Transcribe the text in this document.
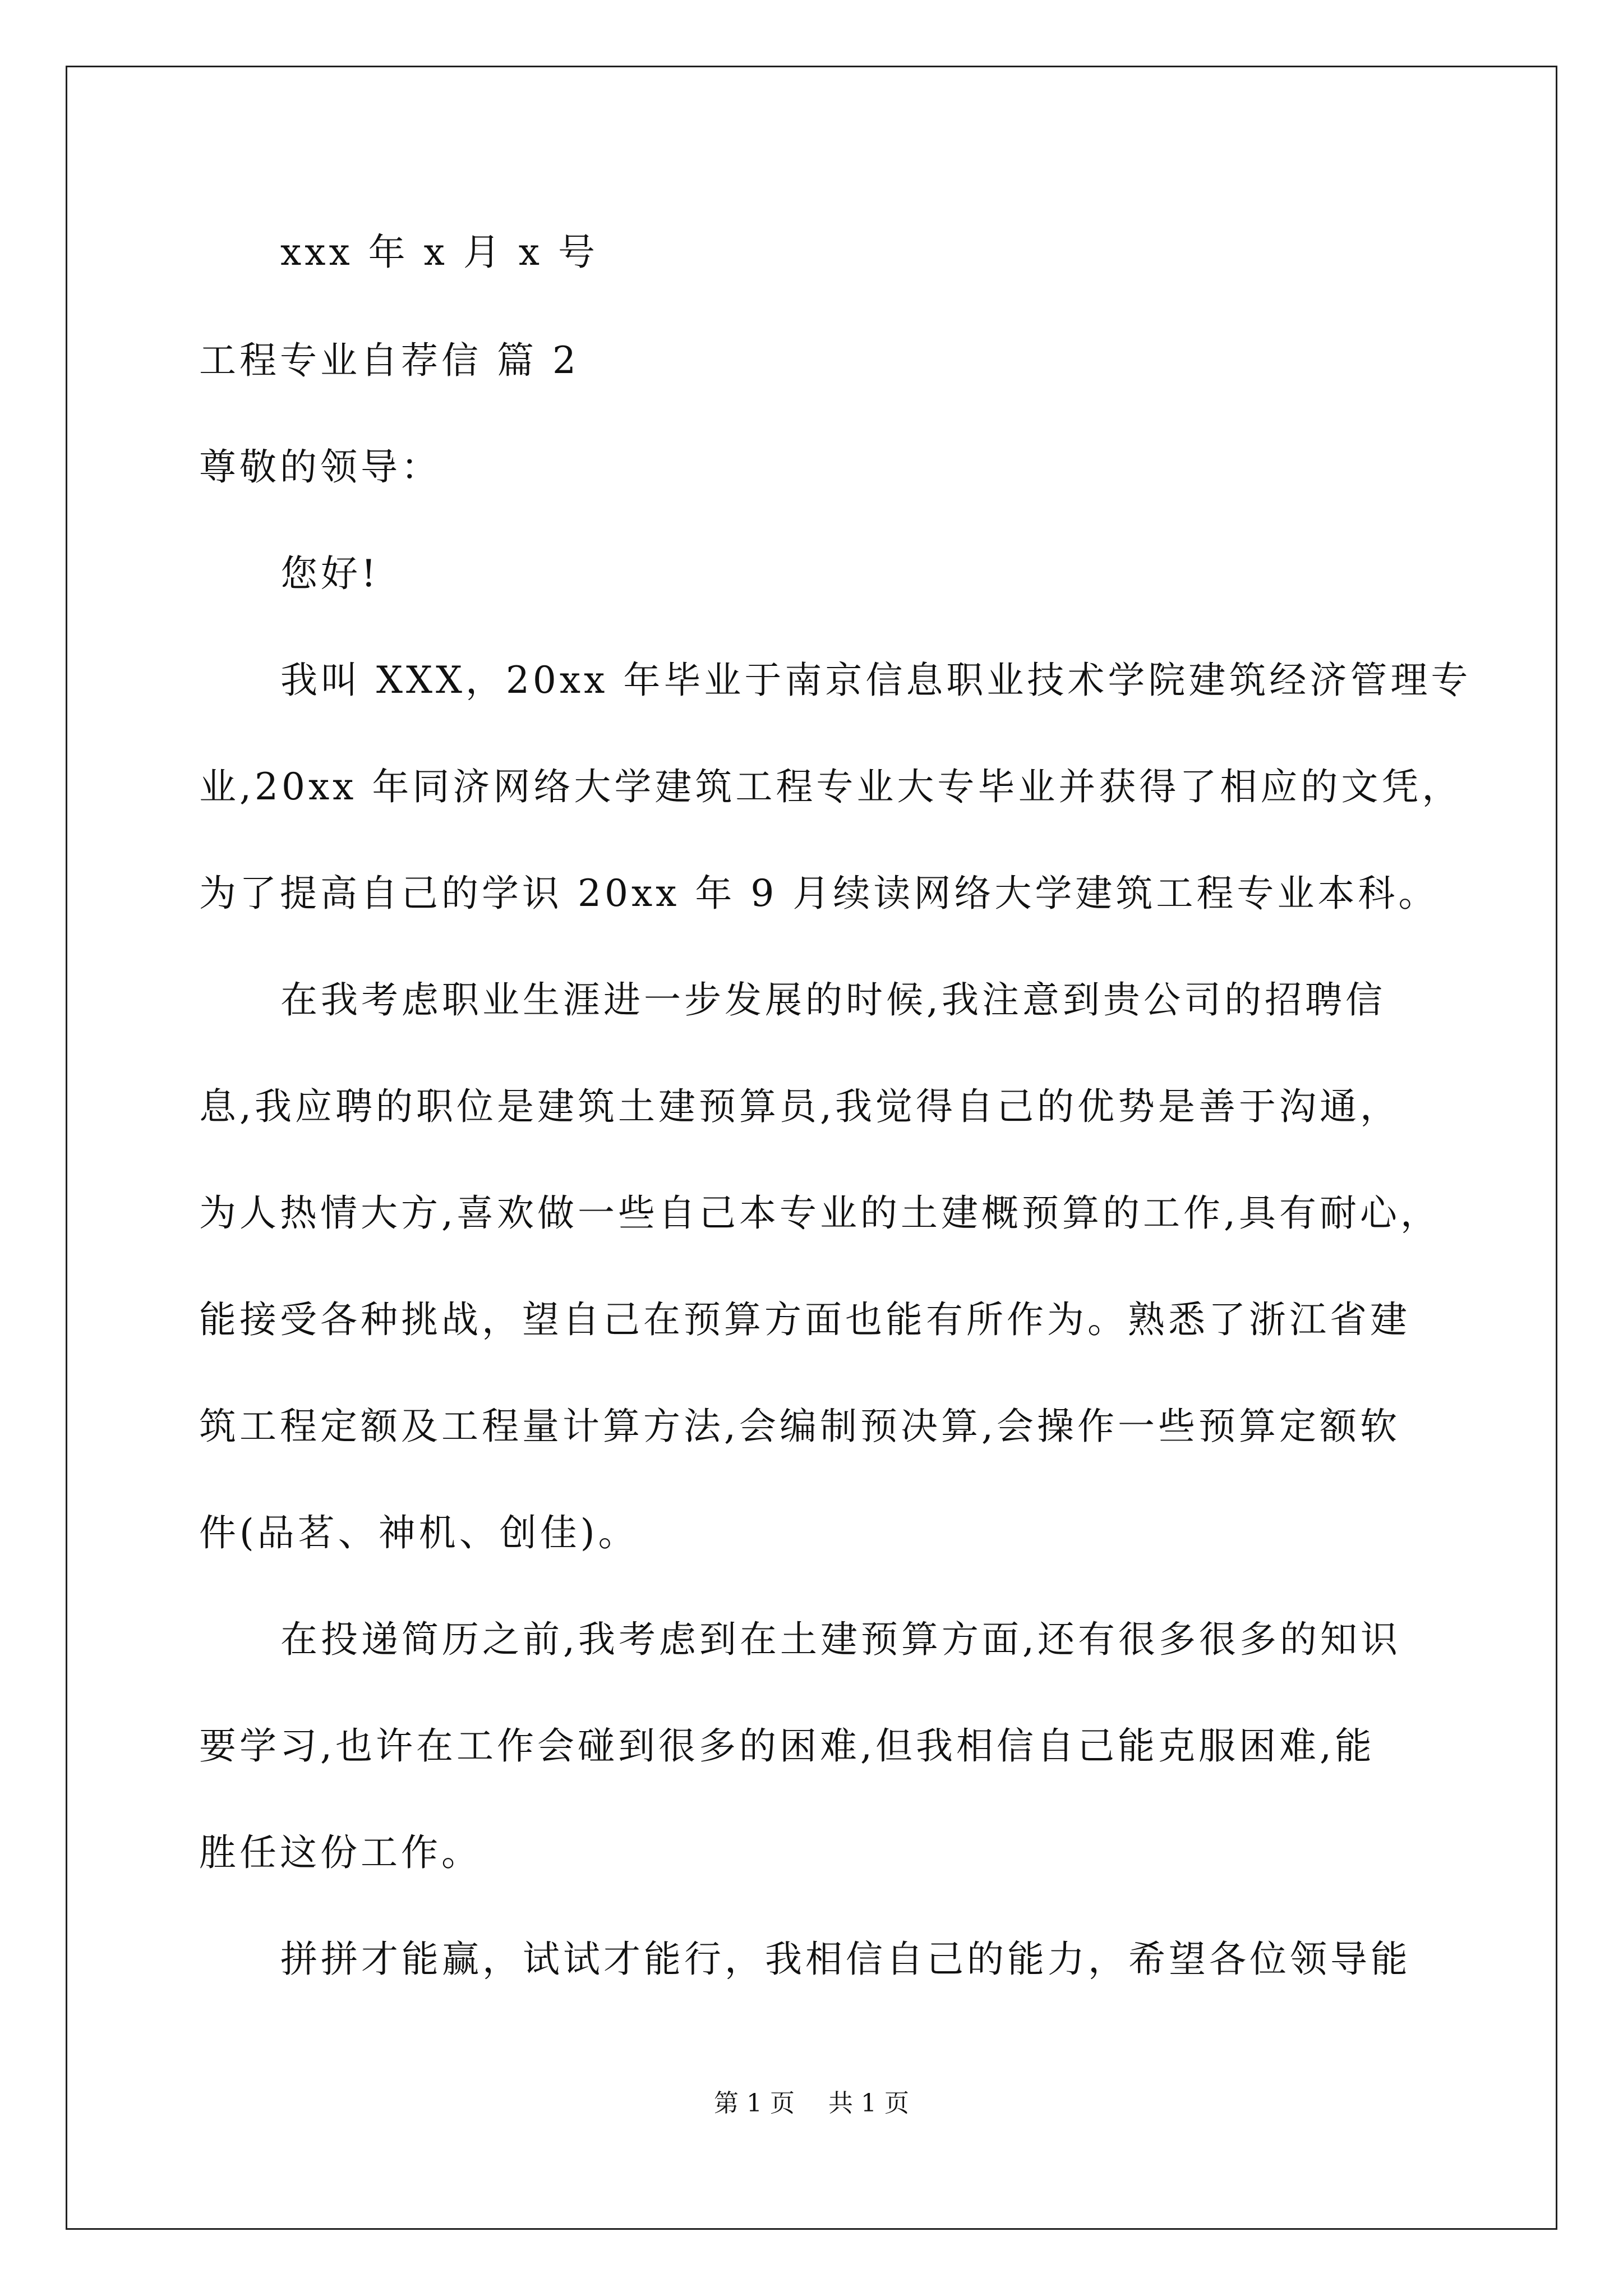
xxx 年 x 月 x 号
工程专业自荐信 篇 2
尊敬的领导：
您好!
我叫 XXX，20xx 年毕业于南京信息职业技术学院建筑经济管理专
业,20xx 年同济网络大学建筑工程专业大专毕业并获得了相应的文凭，
为了提高自己的学识 20xx 年 9 月续读网络大学建筑工程专业本科。
在我考虑职业生涯进一步发展的时候,我注意到贵公司的招聘信
息,我应聘的职位是建筑土建预算员,我觉得自己的优势是善于沟通，
为人热情大方,喜欢做一些自己本专业的土建概预算的工作,具有耐心，
能接受各种挑战，望自己在预算方面也能有所作为。熟悉了浙江省建
筑工程定额及工程量计算方法,会编制预决算,会操作一些预算定额软
件(品茗、神机、创佳)。
在投递简历之前,我考虑到在土建预算方面,还有很多很多的知识
要学习,也许在工作会碰到很多的困难,但我相信自己能克服困难,能
胜任这份工作。
拼拼才能赢，试试才能行，我相信自己的能力，希望各位领导能
第 1 页 共 1 页
